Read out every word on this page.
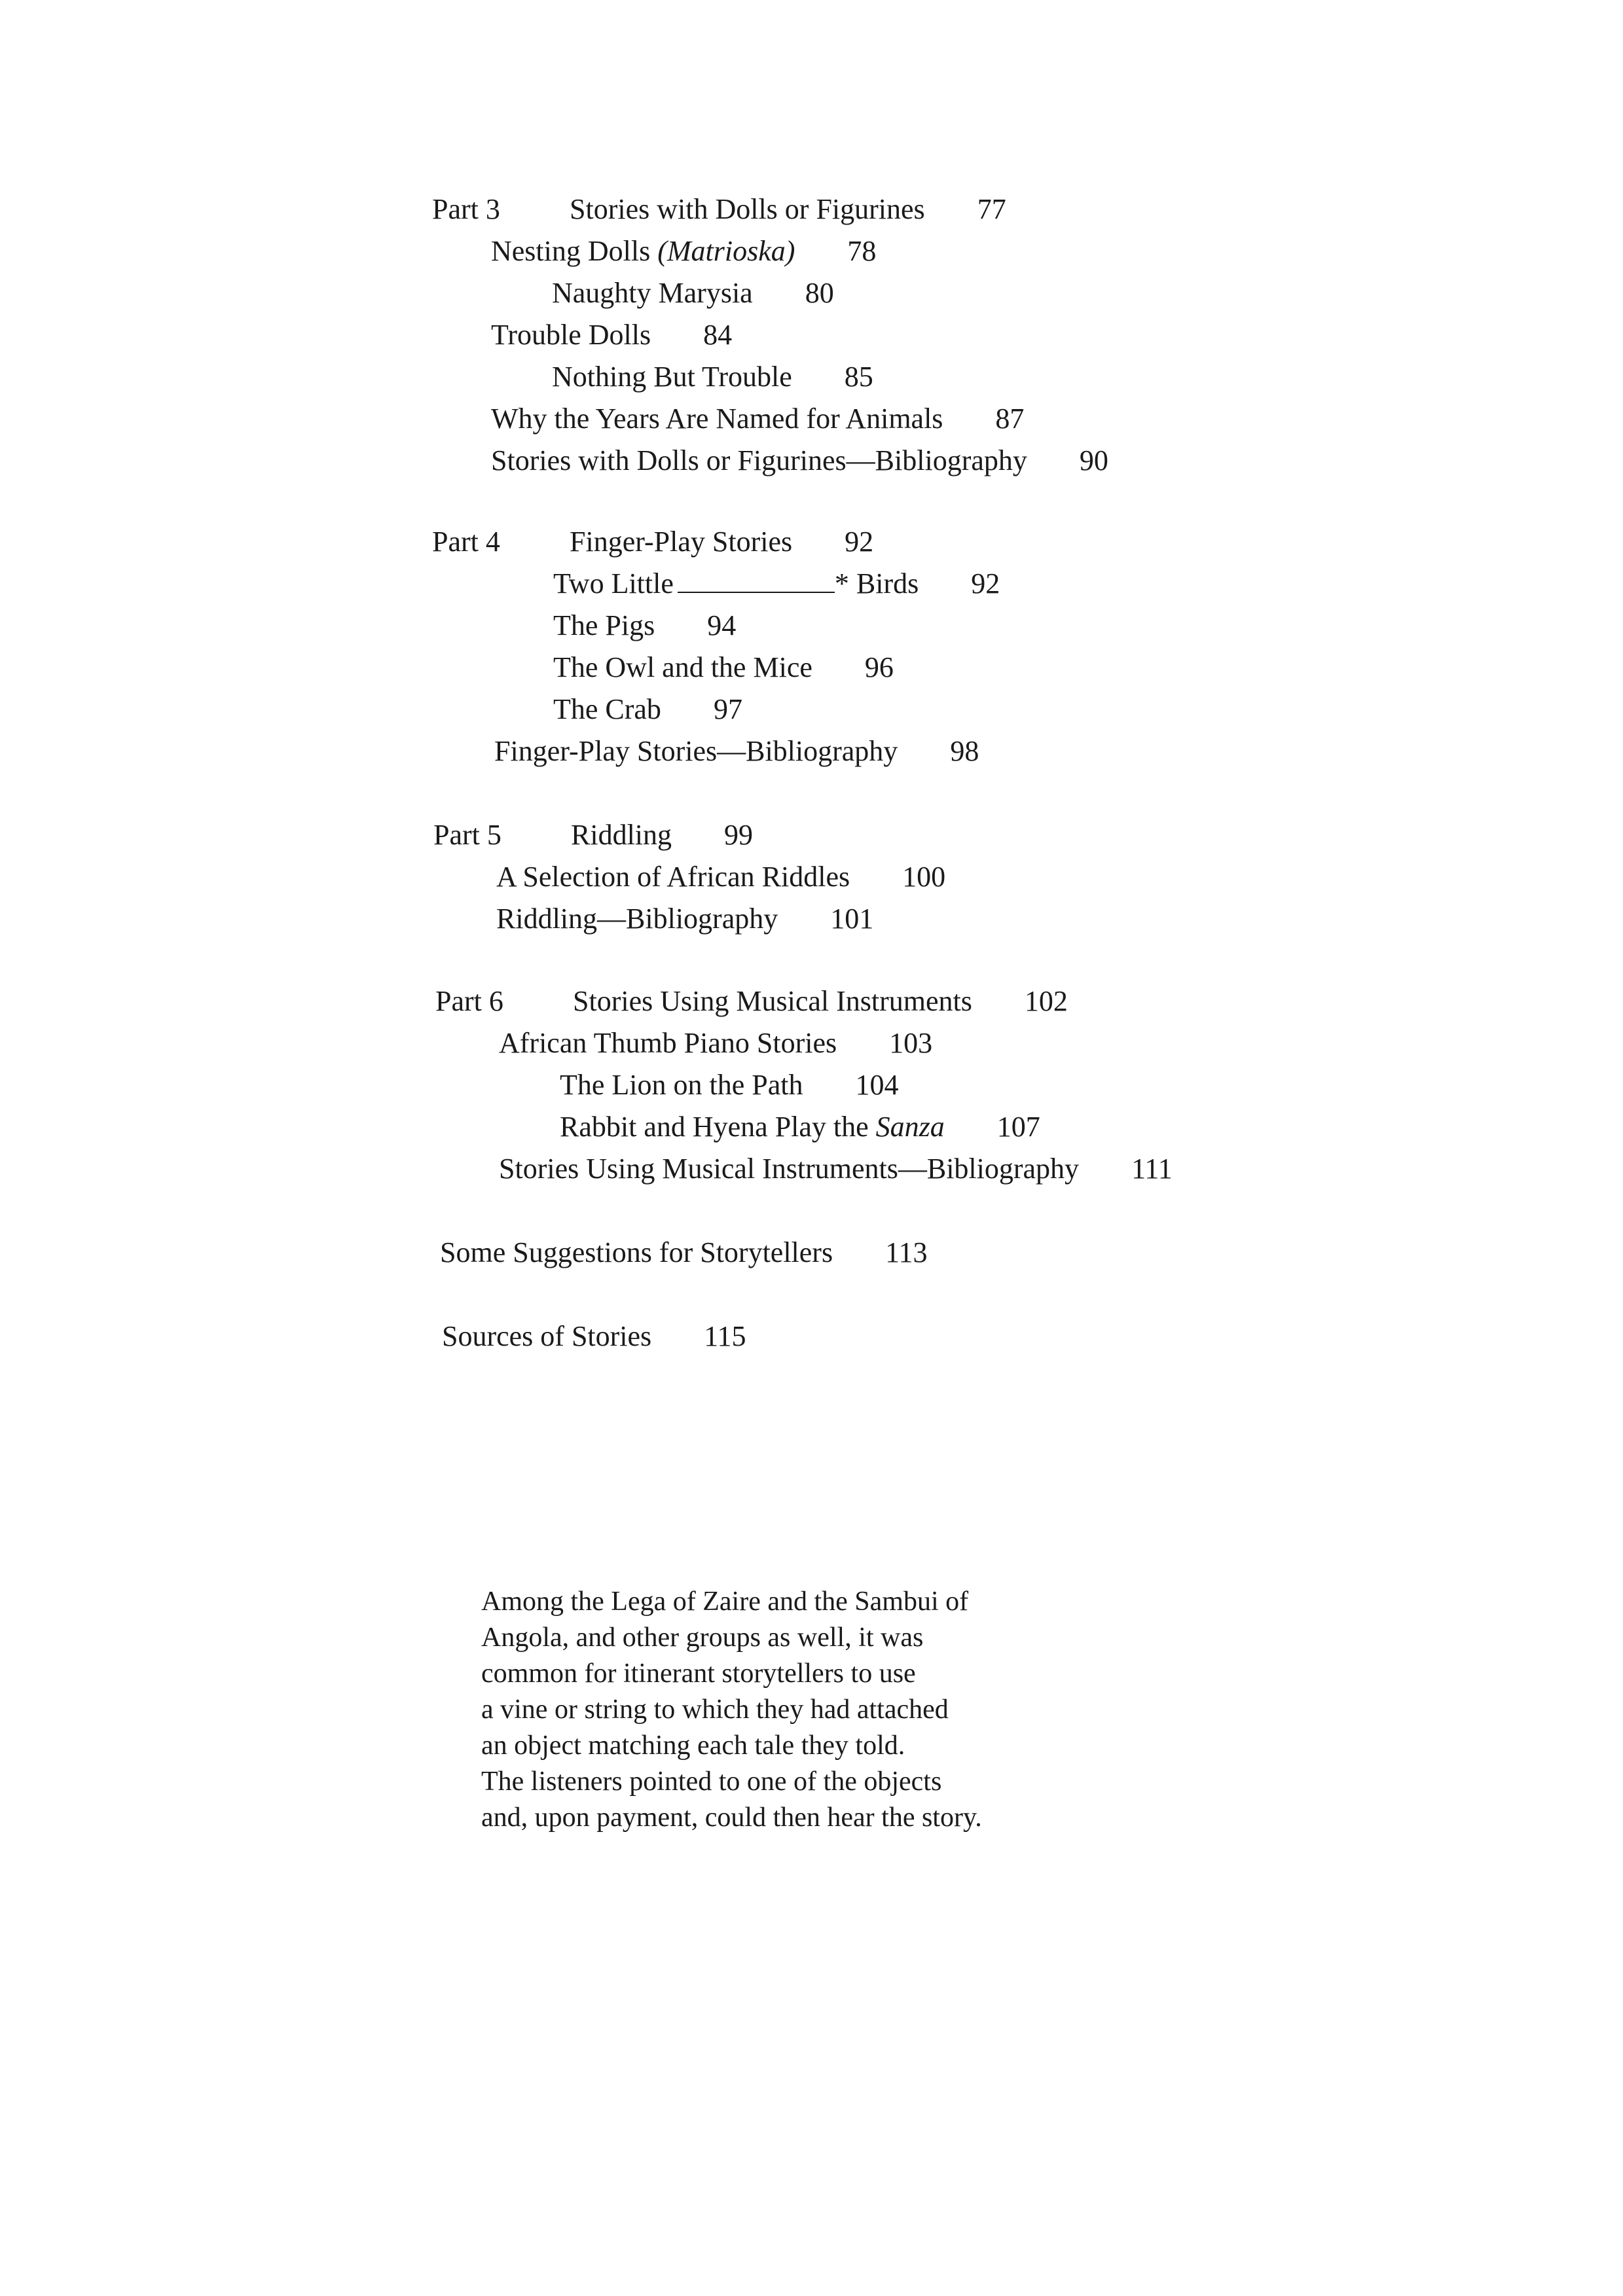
Part 3 Stories with Dolls or Figurines 77
Nesting Dolls (Matrioska) 78
Naughty Marysia 80
Trouble Dolls 84
Nothing But Trouble 85
Why the Years Are Named for Animals 87
Stories with Dolls or Figurines—Bibliography 90
Part 4 Finger-Play Stories 92
Two Little	* Birds 92
The Pigs 94
The Owl and the Mice 96
The Crab 97
Finger-Play Stories—Bibliography 98
Part 5 Riddling 99
A Selection of African Riddles 100
Riddling—Bibliography 101
Part 6 Stories Using Musical Instruments 102
African Thumb Piano Stories 103
The Lion on the Path 104
Rabbit and Hyena Play the Sanza 107
Stories Using Musical Instruments—Bibliography 111
Some Suggestions for Storytellers 113
Sources of Stories 115
Among the Lega of Zaire and the Sambui of
Angola, and other groups as well, it was
common for itinerant storytellers to use
a vine or string to which they had attached
an object matching each tale they told.
The listeners pointed to one of the objects
and, upon payment, could then hear the story.
